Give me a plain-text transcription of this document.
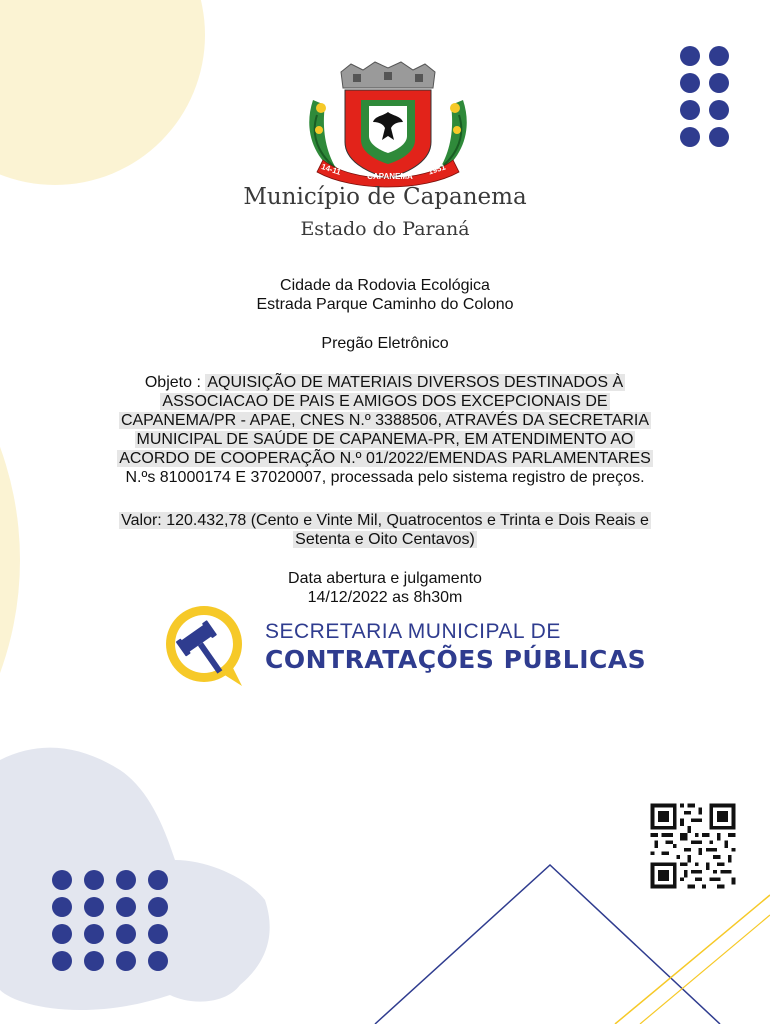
14-11	CAPANEMA	1951
Município de Capanema
Estado do Paraná
Cidade da Rodovia Ecológica
Estrada Parque Caminho do Colono
Pregão Eletrônico
Objeto : AQUISIÇÃO DE MATERIAIS DIVERSOS DESTINADOS À
ASSOCIACAO DE PAIS E AMIGOS DOS EXCEPCIONAIS DE
CAPANEMA/PR - APAE, CNES N.º 3388506, ATRAVÉS DA SECRETARIA
MUNICIPAL DE SAÚDE DE CAPANEMA-PR, EM ATENDIMENTO AO
ACORDO DE COOPERAÇÃO N.º 01/2022/EMENDAS PARLAMENTARES
N.ºs 81000174 E 37020007, processada pelo sistema registro de preços.
Valor: 120.432,78 (Cento e Vinte Mil, Quatrocentos e Trinta e Dois Reais e
Setenta e Oito Centavos)
Data abertura e julgamento
14/12/2022 as 8h30m
SECRETARIA MUNICIPAL DE
CONTRATAÇÕES PÚBLICAS
